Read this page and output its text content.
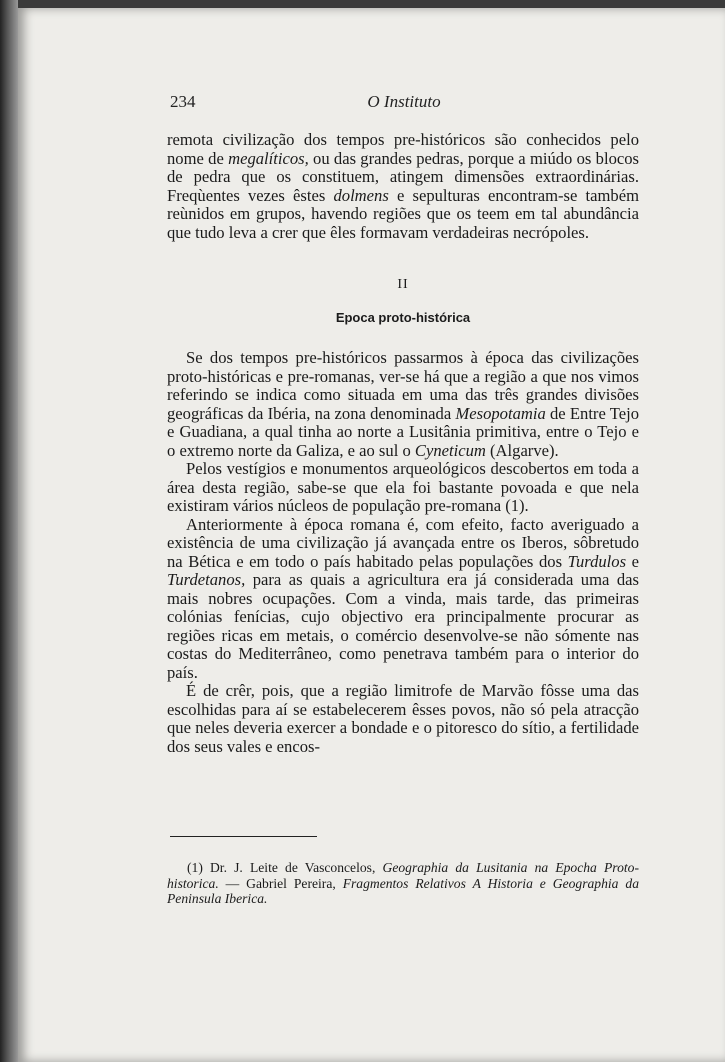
234	O Instituto

remota civilização dos tempos pre-históricos são conhecidos pelo nome de megalíticos, ou das grandes pedras, porque a miúdo os blocos de pedra que os constituem, atingem dimensões extraordinárias. Freqùentes vezes êstes dolmens e sepulturas encontram-se também reùnidos em grupos, havendo regiões que os teem em tal abundância que tudo leva a crer que êles formavam verdadeiras necrópoles.

II
Epoca proto-histórica

Se dos tempos pre-históricos passarmos à época das civilizações proto-históricas e pre-romanas, ver-se há que a região a que nos vimos referindo se indica como situada em uma das três grandes divisões geográficas da Ibéria, na zona denominada Mesopotamia de Entre Tejo e Guadiana, a qual tinha ao norte a Lusitânia primitiva, entre o Tejo e o extremo norte da Galiza, e ao sul o Cyneticum (Algarve).

Pelos vestígios e monumentos arqueológicos descobertos em toda a área desta região, sabe-se que ela foi bastante povoada e que nela existiram vários núcleos de população pre-romana (1).

Anteriormente à época romana é, com efeito, facto averiguado a existência de uma civilização já avançada entre os Iberos, sôbretudo na Bética e em todo o país habitado pelas populações dos Turdulos e Turdetanos, para as quais a agricultura era já considerada uma das mais nobres ocupações. Com a vinda, mais tarde, das primeiras colónias fenícias, cujo objectivo era principalmente procurar as regiões ricas em metais, o comércio desenvolve-se não sómente nas costas do Mediterrâneo, como penetrava também para o interior do país.

É de crêr, pois, que a região limitrofe de Marvão fôsse uma das escolhidas para aí se estabelecerem êsses povos, não só pela atracção que neles deveria exercer a bondade e o pitoresco do sítio, a fertilidade dos seus vales e encos-

(1) Dr. J. Leite de Vasconcelos, Geographia da Lusitania na Epocha Proto-historica. — Gabriel Pereira, Fragmentos Relativos A Historia e Geographia da Peninsula Iberica.
